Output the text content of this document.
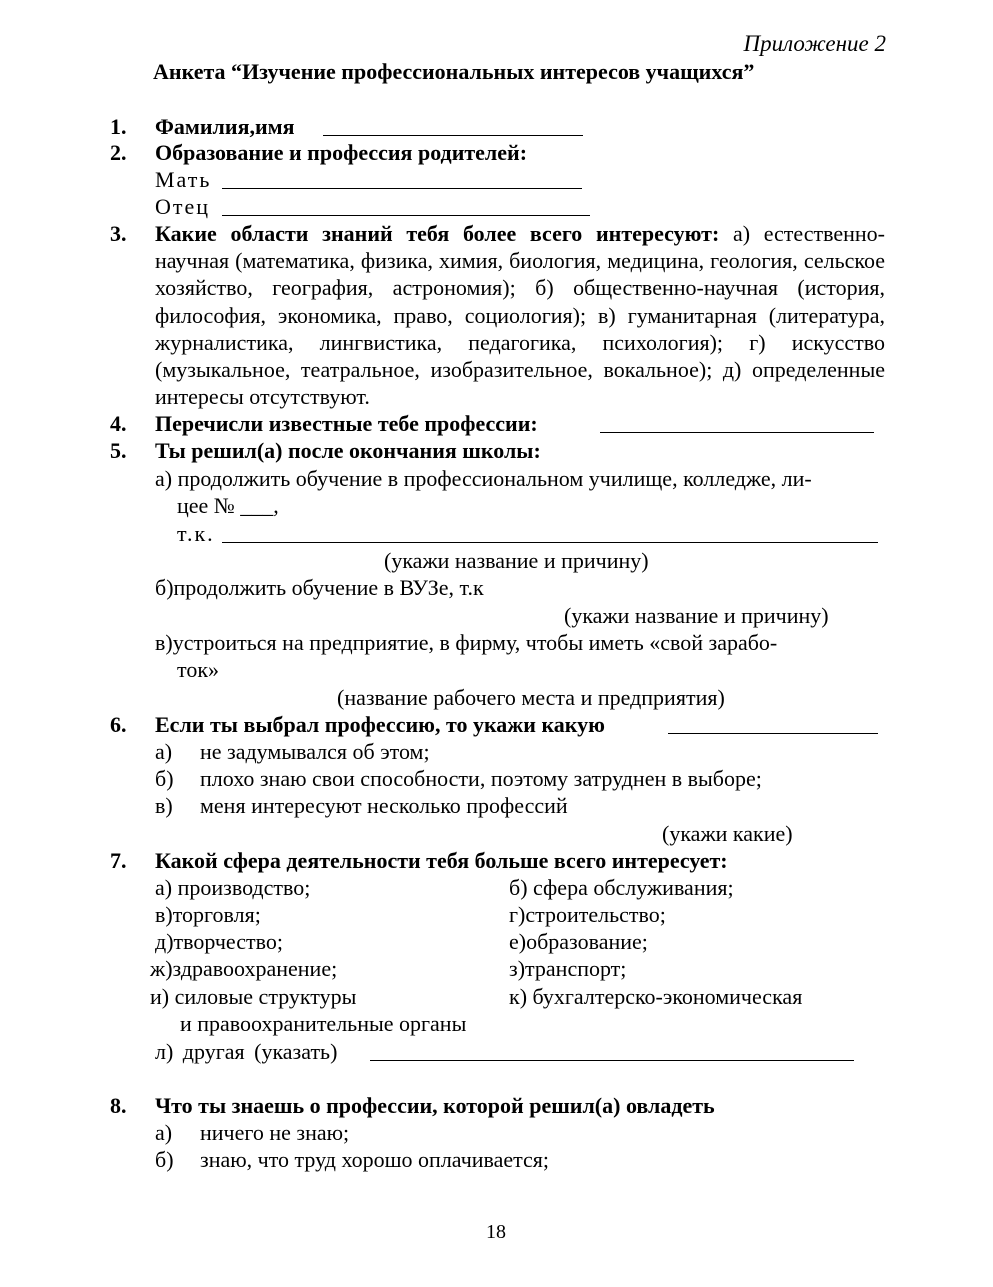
Приложение 2
Анкета “Изучение профессиональных интересов учащихся”
1. Фамилия,имя
2. Образование и профессия родителей:
Мать
Отец
3. Какие области знаний тебя более всего интересуют: а) естественно-научная (математика, физика, химия, биология, медицина, геология, сельское хозяйство, география, астрономия); б) общественно-научная (история, философия, экономика, право, социология); в) гуманитарная (литература, журналистика, лингвистика, педагогика, психология); г) искусство (музыкальное, театральное, изобразительное, вокальное); д) определенные интересы отсутствуют.
4. Перечисли известные тебе профессии:
5. Ты решил(а) после окончания школы:
а) продолжить обучение в профессиональном училище, колледже, ли-
цее № ___,
т.к.
(укажи название и причину)
б)продолжить обучение в ВУЗе, т.к
(укажи название и причину)
в)устроиться на предприятие, в фирму, чтобы иметь «свой зарабо-
ток»
(название рабочего места и предприятия)
6. Если ты выбрал профессию, то укажи какую
а) не задумывался об этом;
б) плохо знаю свои способности, поэтому затруднен в выборе;
в) меня интересуют несколько профессий
(укажи какие)
7. Какой сфера деятельности тебя больше всего интересует:
а) производство;	б) сфера обслуживания;
в)торговля;	г)строительство;
д)творчество;	е)образование;
ж)здравоохранение;	з)транспорт;
и) силовые структуры	к) бухгалтерско-экономическая
и правоохранительные органы
л) другая (указать)
8. Что ты знаешь о профессии, которой решил(а) овладеть
а) ничего не знаю;
б) знаю, что труд хорошо оплачивается;
18
